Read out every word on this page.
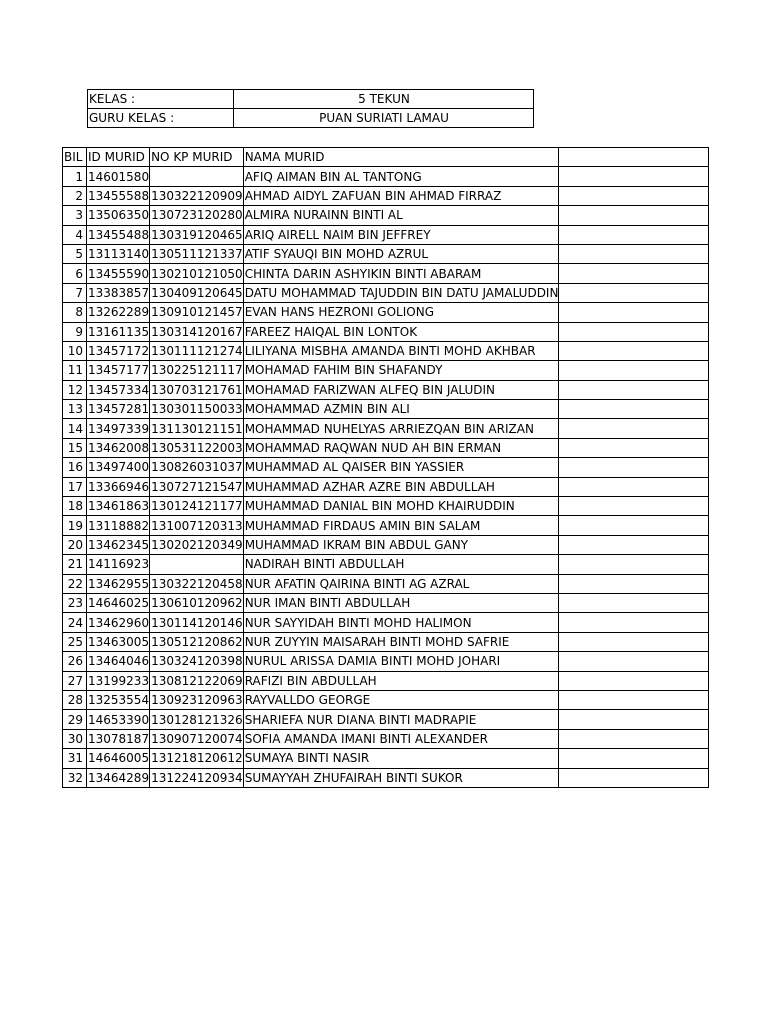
KELAS :	5 TEKUN
GURU KELAS :	PUAN SURIATI LAMAU
BIL	ID MURID	NO KP MURID	NAMA MURID	
1	14601580		AFIQ AIMAN BIN AL TANTONG	
2	13455588	130322120909	AHMAD AIDYL ZAFUAN BIN AHMAD FIRRAZ	
3	13506350	130723120280	ALMIRA NURAINN BINTI AL	
4	13455488	130319120465	ARIQ AIRELL NAIM BIN JEFFREY	
5	13113140	130511121337	ATIF SYAUQI BIN MOHD AZRUL	
6	13455590	130210121050	CHINTA DARIN ASHYIKIN BINTI ABARAM	
7	13383857	130409120645	DATU MOHAMMAD TAJUDDIN BIN DATU JAMALUDDIN	
8	13262289	130910121457	EVAN HANS HEZRONI GOLIONG	
9	13161135	130314120167	FAREEZ HAIQAL BIN LONTOK	
10	13457172	130111121274	LILIYANA MISBHA AMANDA BINTI MOHD AKHBAR	
11	13457177	130225121117	MOHAMAD FAHIM BIN SHAFANDY	
12	13457334	130703121761	MOHAMAD FARIZWAN ALFEQ BIN JALUDIN	
13	13457281	130301150033	MOHAMMAD AZMIN BIN ALI	
14	13497339	131130121151	MOHAMMAD NUHELYAS ARRIEZQAN BIN ARIZAN	
15	13462008	130531122003	MOHAMMAD RAQWAN NUD AH BIN ERMAN	
16	13497400	130826031037	MUHAMMAD AL QAISER BIN YASSIER	
17	13366946	130727121547	MUHAMMAD AZHAR AZRE BIN ABDULLAH	
18	13461863	130124121177	MUHAMMAD DANIAL BIN MOHD KHAIRUDDIN	
19	13118882	131007120313	MUHAMMAD FIRDAUS AMIN BIN SALAM	
20	13462345	130202120349	MUHAMMAD IKRAM BIN ABDUL GANY	
21	14116923		NADIRAH BINTI ABDULLAH	
22	13462955	130322120458	NUR AFATIN QAIRINA BINTI AG AZRAL	
23	14646025	130610120962	NUR IMAN BINTI ABDULLAH	
24	13462960	130114120146	NUR SAYYIDAH BINTI MOHD HALIMON	
25	13463005	130512120862	NUR ZUYYIN MAISARAH BINTI MOHD SAFRIE	
26	13464046	130324120398	NURUL ARISSA DAMIA BINTI MOHD JOHARI	
27	13199233	130812122069	RAFIZI BIN ABDULLAH	
28	13253554	130923120963	RAYVALLDO GEORGE	
29	14653390	130128121326	SHARIEFA NUR DIANA BINTI MADRAPIE	
30	13078187	130907120074	SOFIA AMANDA IMANI BINTI ALEXANDER	
31	14646005	131218120612	SUMAYA BINTI NASIR	
32	13464289	131224120934	SUMAYYAH ZHUFAIRAH BINTI SUKOR	
